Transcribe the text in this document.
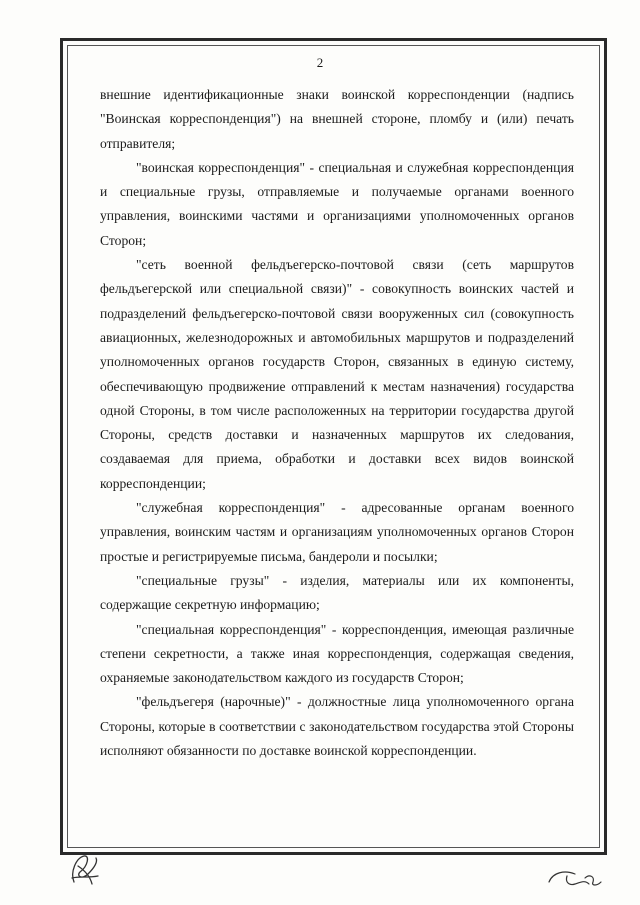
2

внешние идентификационные знаки воинской корреспонденции (надпись "Воинская корреспонденция") на внешней стороне, пломбу и (или) печать отправителя;

"воинская корреспонденция" - специальная и служебная корреспонденция и специальные грузы, отправляемые и получаемые органами военного управления, воинскими частями и организациями уполномоченных органов Сторон;

"сеть военной фельдъегерско-почтовой связи (сеть маршрутов фельдъегерской или специальной связи)" - совокупность воинских частей и подразделений фельдъегерско-почтовой связи вооруженных сил (совокупность авиационных, железнодорожных и автомобильных маршрутов и подразделений уполномоченных органов государств Сторон, связанных в единую систему, обеспечивающую продвижение отправлений к местам назначения) государства одной Стороны, в том числе расположенных на территории государства другой Стороны, средств доставки и назначенных маршрутов их следования, создаваемая для приема, обработки и доставки всех видов воинской корреспонденции;

"служебная корреспонденция" - адресованные органам военного управления, воинским частям и организациям уполномоченных органов Сторон простые и регистрируемые письма, бандероли и посылки;

"специальные грузы" - изделия, материалы или их компоненты, содержащие секретную информацию;

"специальная корреспонденция" - корреспонденция, имеющая различные степени секретности, а также иная корреспонденция, содержащая сведения, охраняемые законодательством каждого из государств Сторон;

"фельдъегеря (нарочные)" - должностные лица уполномоченного органа Стороны, которые в соответствии с законодательством государства этой Стороны исполняют обязанности по доставке воинской корреспонденции.
